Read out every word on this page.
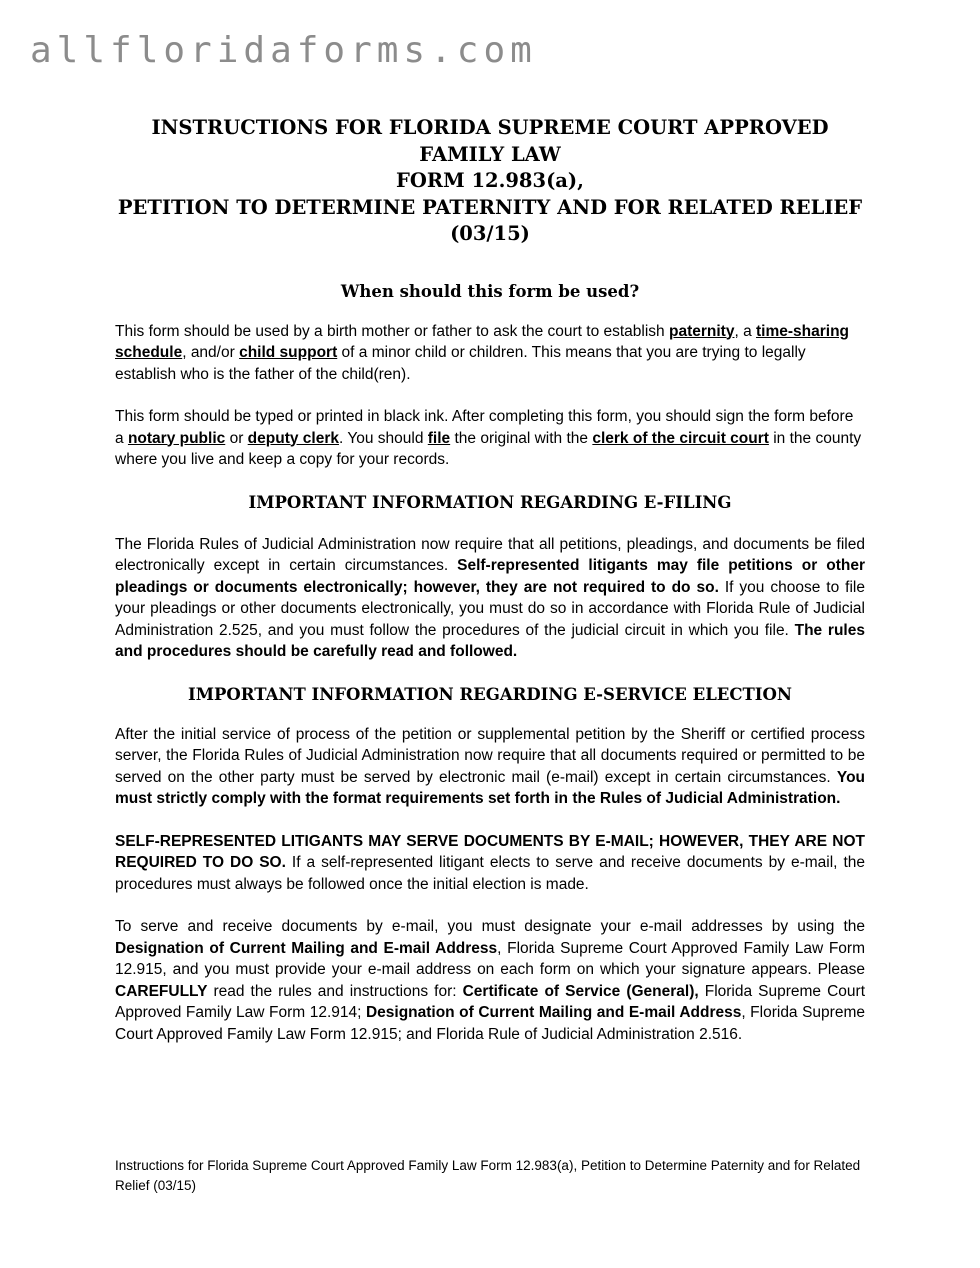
allfloridaforms.com
INSTRUCTIONS FOR FLORIDA SUPREME COURT APPROVED FAMILY LAW
FORM 12.983(a),
PETITION TO DETERMINE PATERNITY AND FOR RELATED RELIEF
(03/15)
When should this form be used?

This form should be used by a birth mother or father to ask the court to establish paternity, a time-sharing schedule, and/or child support of a minor child or children. This means that you are trying to legally establish who is the father of the child(ren).

This form should be typed or printed in black ink. After completing this form, you should sign the form before a notary public or deputy clerk. You should file the original with the clerk of the circuit court in the county where you live and keep a copy for your records.

IMPORTANT INFORMATION REGARDING E-FILING

The Florida Rules of Judicial Administration now require that all petitions, pleadings, and documents be filed electronically except in certain circumstances. Self-represented litigants may file petitions or other pleadings or documents electronically; however, they are not required to do so. If you choose to file your pleadings or other documents electronically, you must do so in accordance with Florida Rule of Judicial Administration 2.525, and you must follow the procedures of the judicial circuit in which you file. The rules and procedures should be carefully read and followed.

IMPORTANT INFORMATION REGARDING E-SERVICE ELECTION

After the initial service of process of the petition or supplemental petition by the Sheriff or certified process server, the Florida Rules of Judicial Administration now require that all documents required or permitted to be served on the other party must be served by electronic mail (e-mail) except in certain circumstances. You must strictly comply with the format requirements set forth in the Rules of Judicial Administration.

SELF-REPRESENTED LITIGANTS MAY SERVE DOCUMENTS BY E-MAIL; HOWEVER, THEY ARE NOT REQUIRED TO DO SO. If a self-represented litigant elects to serve and receive documents by e-mail, the procedures must always be followed once the initial election is made.

To serve and receive documents by e-mail, you must designate your e-mail addresses by using the Designation of Current Mailing and E-mail Address, Florida Supreme Court Approved Family Law Form 12.915, and you must provide your e-mail address on each form on which your signature appears. Please CAREFULLY read the rules and instructions for: Certificate of Service (General), Florida Supreme Court Approved Family Law Form 12.914; Designation of Current Mailing and E-mail Address, Florida Supreme Court Approved Family Law Form 12.915; and Florida Rule of Judicial Administration 2.516.

Instructions for Florida Supreme Court Approved Family Law Form 12.983(a), Petition to Determine Paternity and for Related Relief (03/15)
